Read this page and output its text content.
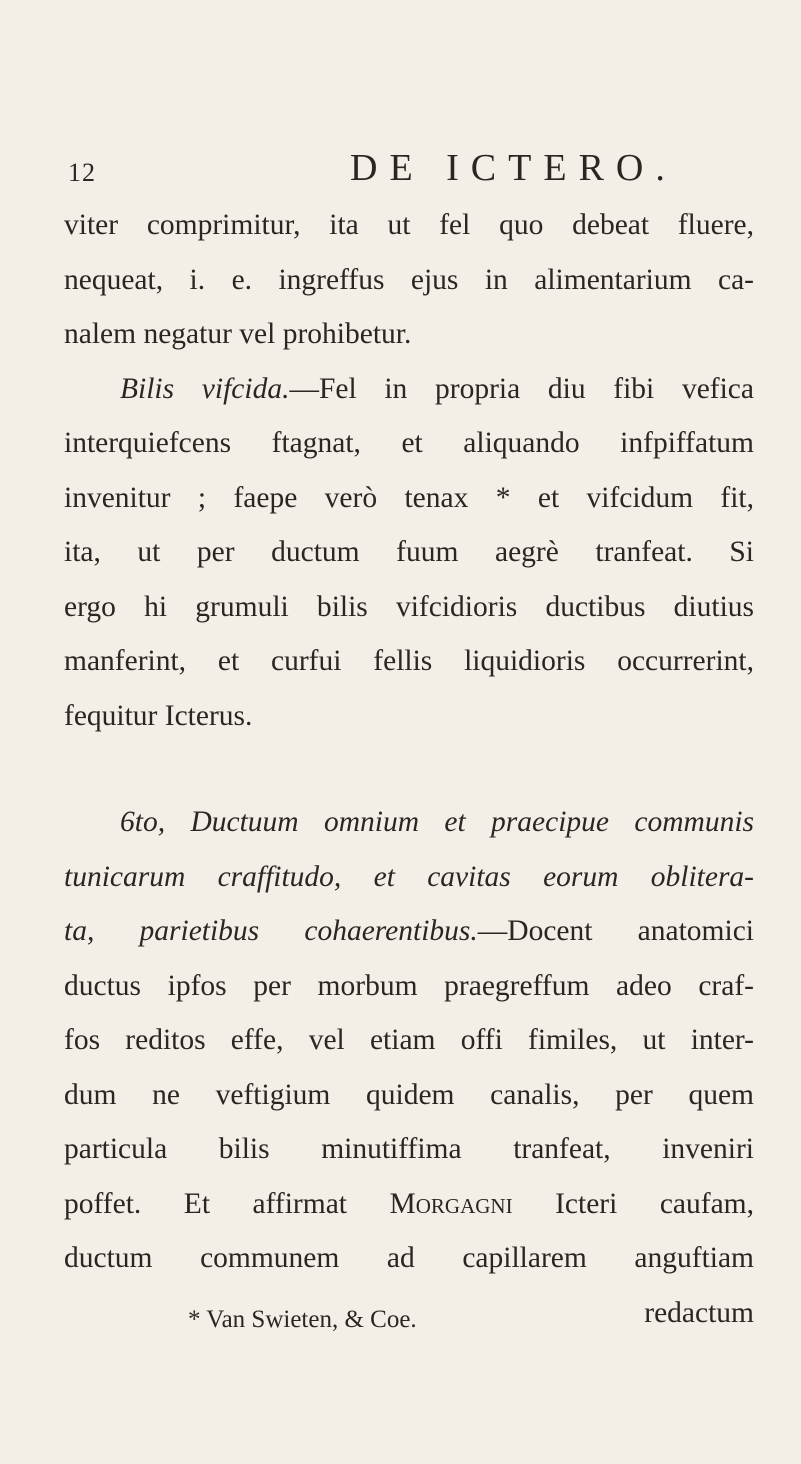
12	DE ICTERO.
viter comprimitur, ita ut fel quo debeat fluere,
nequeat, i. e. ingreffus ejus in alimentarium ca-
nalem negatur vel prohibetur.
Bilis vifcida.—Fel in propria diu fibi vefica
interquiefcens ftagnat, et aliquando infpiffatum
invenitur ; faepe verò tenax * et vifcidum fit,
ita, ut per ductum fuum aegrè tranfeat. Si
ergo hi grumuli bilis vifcidioris ductibus diutius
manferint, et curfui fellis liquidioris occurrerint,
fequitur Icterus.
6to, Ductuum omnium et praecipue communis
tunicarum craffitudo, et cavitas eorum oblitera-
ta, parietibus cohaerentibus.—Docent anatomici
ductus ipfos per morbum praegreffum adeo craf-
fos reditos effe, vel etiam offi fimiles, ut inter-
dum ne veftigium quidem canalis, per quem
particula bilis minutiffima tranfeat, inveniri
poffet. Et affirmat Morgagni Icteri caufam,
ductum communem ad capillarem anguftiam
redactum
* Van Swieten, & Coe.
